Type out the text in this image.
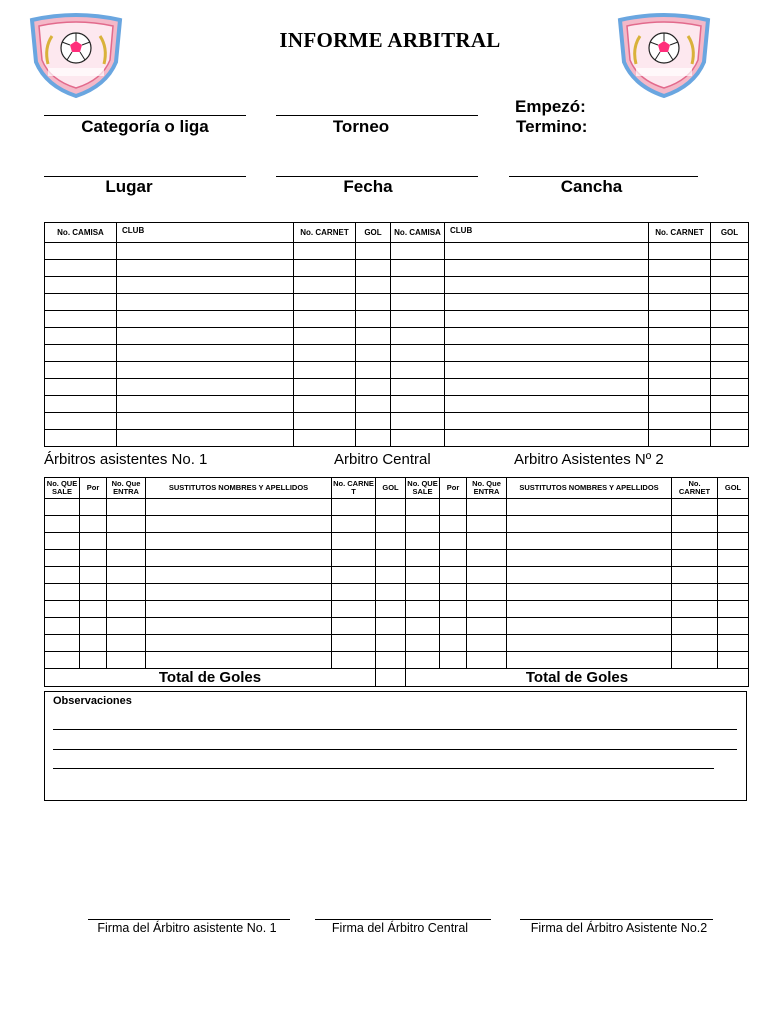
INFORME ARBITRAL
Categoría o liga	Torneo
Empezó:
Termino:
Lugar	Fecha	Cancha
No. CAMISA	CLUB	No. CARNET	GOL	No. CAMISA	CLUB	No. CARNET	GOL

Árbitros asistentes No. 1	Arbitro Central	Arbitro Asistentes Nº 2
No. QUE SALE	Por	No. Que ENTRA	SUSTITUTOS NOMBRES Y APELLIDOS	No. CARNE T	GOL	No. QUE SALE	Por	No. Que ENTRA	SUSTITUTOS NOMBRES Y APELLIDOS	No. CARNET	GOL

Total de Goles						Total de Goles					
Observaciones
Firma del Árbitro asistente No. 1	Firma del Árbitro Central	Firma del Árbitro Asistente No.2
